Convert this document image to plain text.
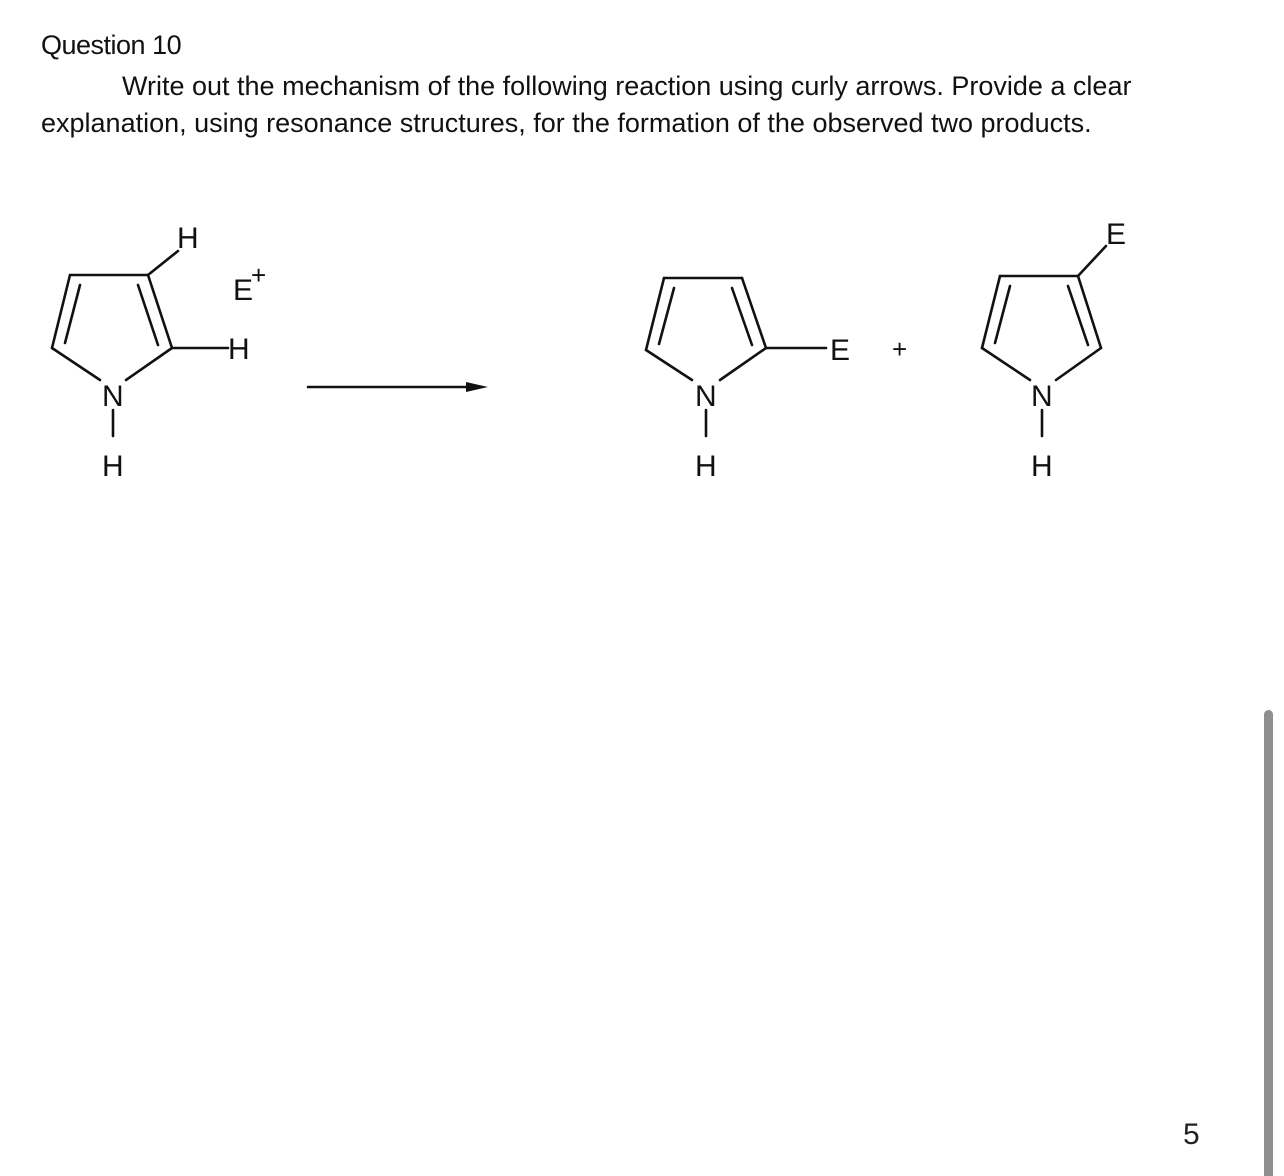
Question 10

Write out the mechanism of the following reaction using curly arrows. Provide a clear explanation, using resonance structures, for the formation of the observed two products.

H
H
N
H
E
+
E
N
H
+
E
N
H
5
